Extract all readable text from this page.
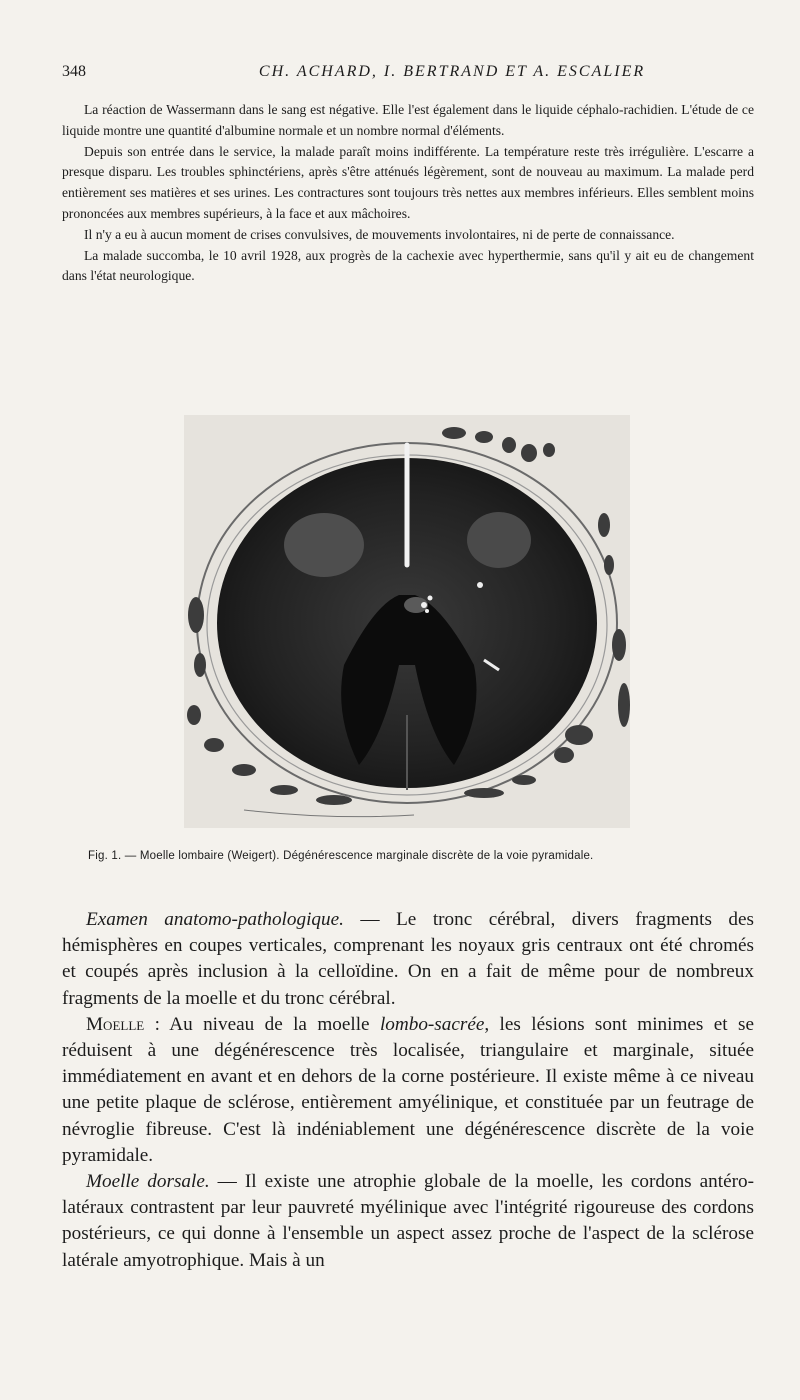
348	CH. ACHARD, I. BERTRAND ET A. ESCALIER

La réaction de Wassermann dans le sang est négative. Elle l'est également dans le liquide céphalo-rachidien. L'étude de ce liquide montre une quantité d'albumine normale et un nombre normal d'éléments.

Depuis son entrée dans le service, la malade paraît moins indifférente. La température reste très irrégulière. L'escarre a presque disparu. Les troubles sphinctériens, après s'être atténués légèrement, sont de nouveau au maximum. La malade perd entièrement ses matières et ses urines. Les contractures sont toujours très nettes aux membres inférieurs. Elles semblent moins prononcées aux membres supérieurs, à la face et aux mâchoires.

Il n'y a eu à aucun moment de crises convulsives, de mouvements involontaires, ni de perte de connaissance.

La malade succomba, le 10 avril 1928, aux progrès de la cachexie avec hyperthermie, sans qu'il y ait eu de changement dans l'état neurologique.

Fig. 1. — Moelle lombaire (Weigert). Dégénérescence marginale discrète de la voie pyramidale.

Examen anatomo-pathologique. — Le tronc cérébral, divers fragments des hémisphères en coupes verticales, comprenant les noyaux gris centraux ont été chromés et coupés après inclusion à la celloïdine. On en a fait de même pour de nombreux fragments de la moelle et du tronc cérébral.

Moelle : Au niveau de la moelle lombo-sacrée, les lésions sont minimes et se réduisent à une dégénérescence très localisée, triangulaire et marginale, située immédiatement en avant et en dehors de la corne postérieure. Il existe même à ce niveau une petite plaque de sclérose, entièrement amyélinique, et constituée par un feutrage de névroglie fibreuse. C'est là indéniablement une dégénérescence discrète de la voie pyramidale.

Moelle dorsale. — Il existe une atrophie globale de la moelle, les cordons antéro-latéraux contrastent par leur pauvreté myélinique avec l'intégrité rigoureuse des cordons postérieurs, ce qui donne à l'ensemble un aspect assez proche de l'aspect de la sclérose latérale amyotrophique. Mais à un
